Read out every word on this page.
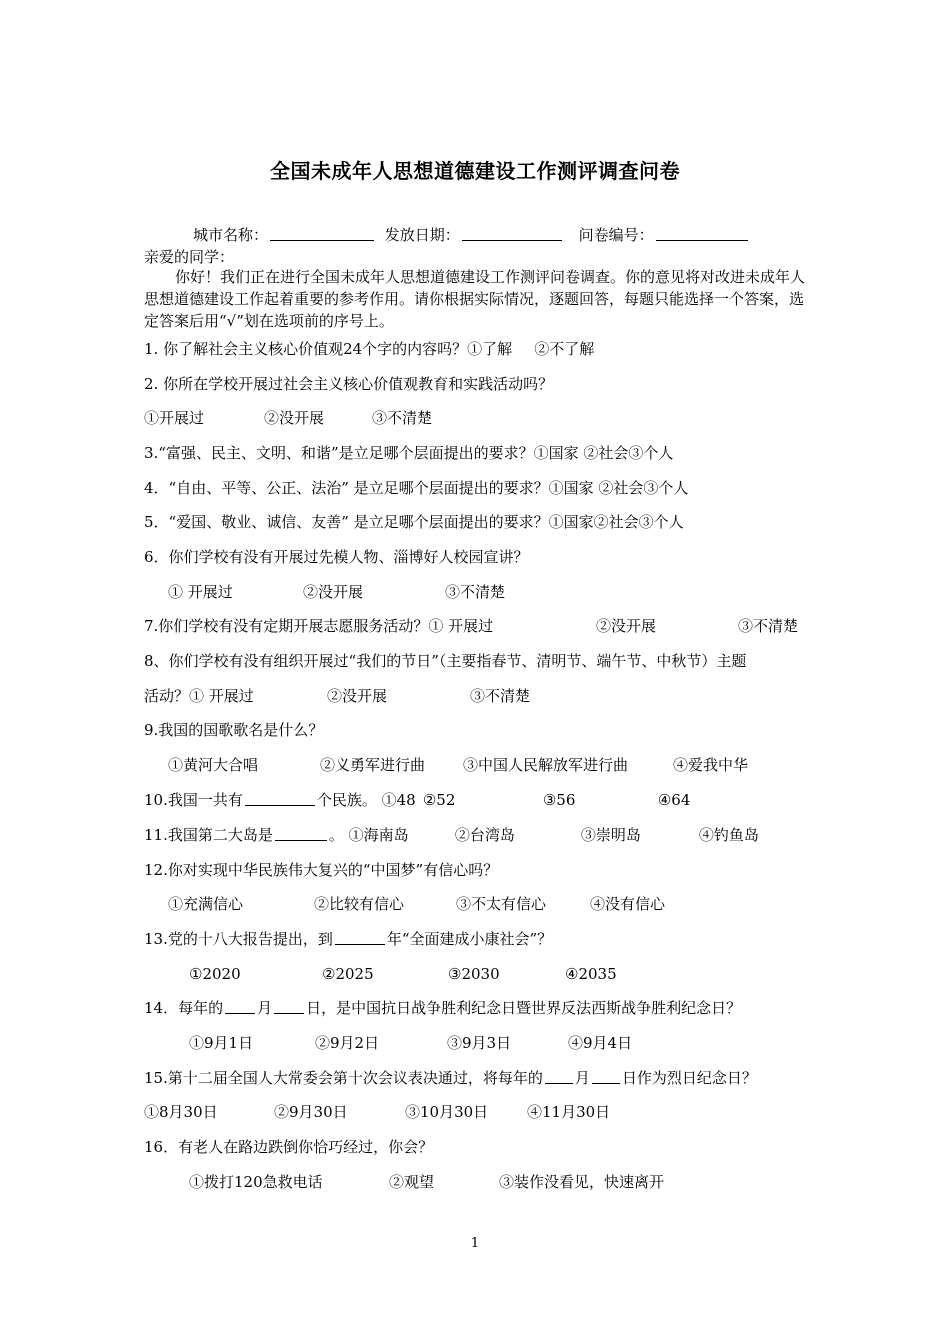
全国未成年人思想道德建设工作测评调查问卷
城市名称：	发放日期：	问卷编号：
亲爱的同学：
你好！我们正在进行全国未成年人思想道德建设工作测评问卷调查。你的意见将对改进未成年人思想道德建设工作起着重要的参考作用。请你根据实际情况，逐题回答，每题只能选择一个答案，选定答案后用“√”划在选项前的序号上。
1. 你了解社会主义核心价值观24个字的内容吗？①了解 ②不了解
2. 你所在学校开展过社会主义核心价值观教育和实践活动吗？
①开展过	②没开展	③不清楚
3.“富强、民主、文明、和谐”是立足哪个层面提出的要求？①国家 ②社会③个人
4．“自由、平等、公正、法治” 是立足哪个层面提出的要求？①国家 ②社会③个人
5．“爱国、敬业、诚信、友善” 是立足哪个层面提出的要求？①国家②社会③个人
6．你们学校有没有开展过先模人物、淄博好人校园宣讲？
① 开展过	②没开展	③不清楚
7.你们学校有没有定期开展志愿服务活动？① 开展过	②没开展	③不清楚
8、你们学校有没有组织开展过“我们的节日”（主要指春节、清明节、端午节、中秋节）主题
活动？① 开展过	②没开展	③不清楚
9.我国的国歌歌名是什么？
①黄河大合唱	②义勇军进行曲	③中国人民解放军进行曲	④爱我中华
10.我国一共有	个民族。 ①48 ②52	③56	④64
11.我国第二大岛是	。 ①海南岛	②台湾岛	③崇明岛	④钓鱼岛
12.你对实现中华民族伟大复兴的“中国梦”有信心吗？
①充满信心	②比较有信心	③不太有信心	④没有信心
13.党的十八大报告提出，到	年“全面建成小康社会”？
①2020	②2025	③2030	④2035
14．每年的 月 日，是中国抗日战争胜利纪念日暨世界反法西斯战争胜利纪念日？
①9月1日	②9月2日	③9月3日	④9月4日
15.第十二届全国人大常委会第十次会议表决通过，将每年的 月 日作为烈日纪念日？
①8月30日	②9月30日	③10月30日	④11月30日
16．有老人在路边跌倒你恰巧经过，你会？
①拨打120急救电话	②观望	③装作没看见，快速离开
1
